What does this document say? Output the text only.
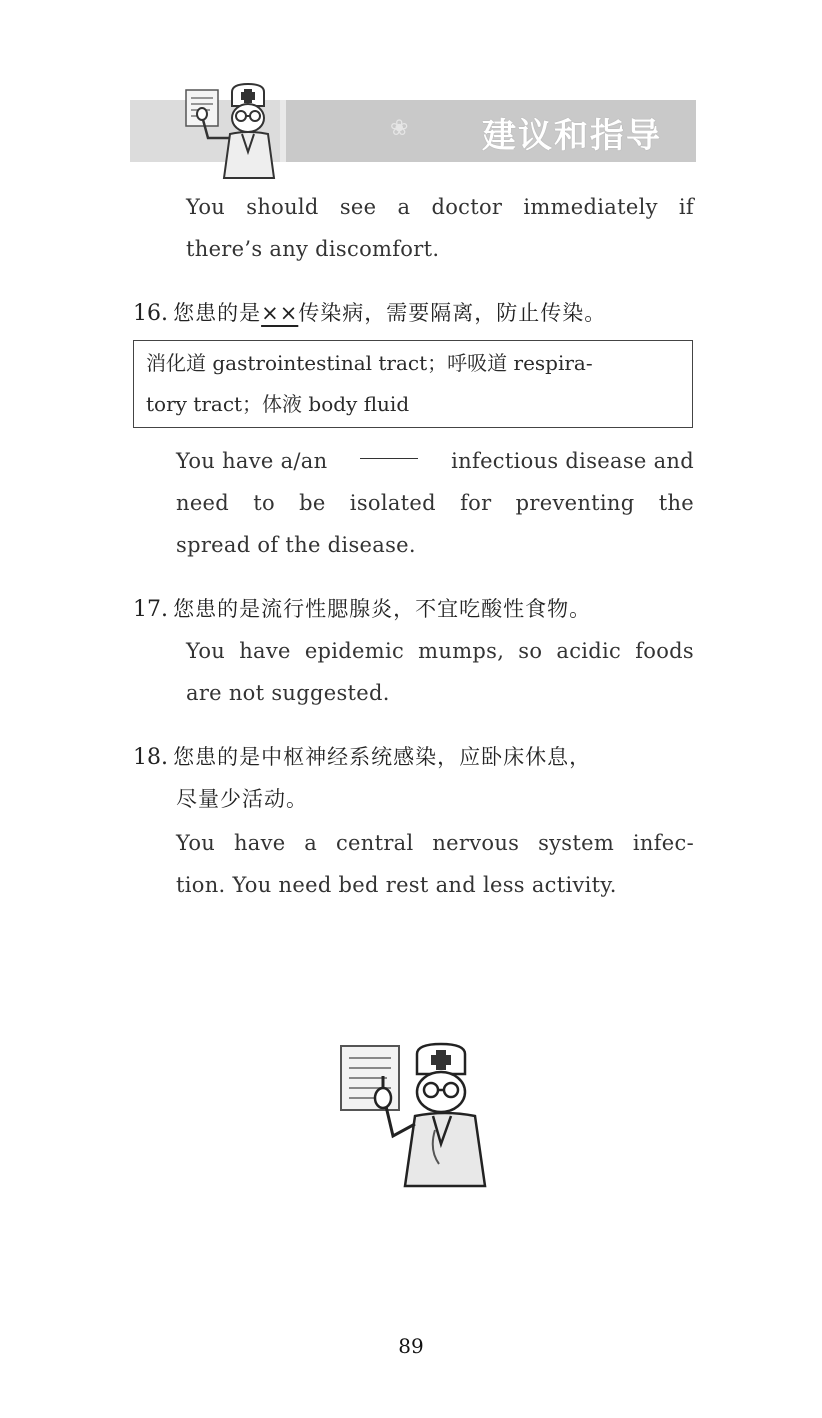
❀ 建议和指导
You should see a doctor immediately if
there’s any discomfort.
16. 您患的是××传染病，需要隔离，防止传染。
消化道 gastrointestinal tract；呼吸道 respira-
tory tract；体液 body fluid
You have a/an	infectious disease and
need to be isolated for preventing the
spread of the disease.
17. 您患的是流行性腮腺炎，不宜吃酸性食物。
You have epidemic mumps, so acidic foods
are not suggested.
18. 您患的是中枢神经系统感染，应卧床休息，
尽量少活动。
You have a central nervous system infec-
tion. You need bed rest and less activity.
89
